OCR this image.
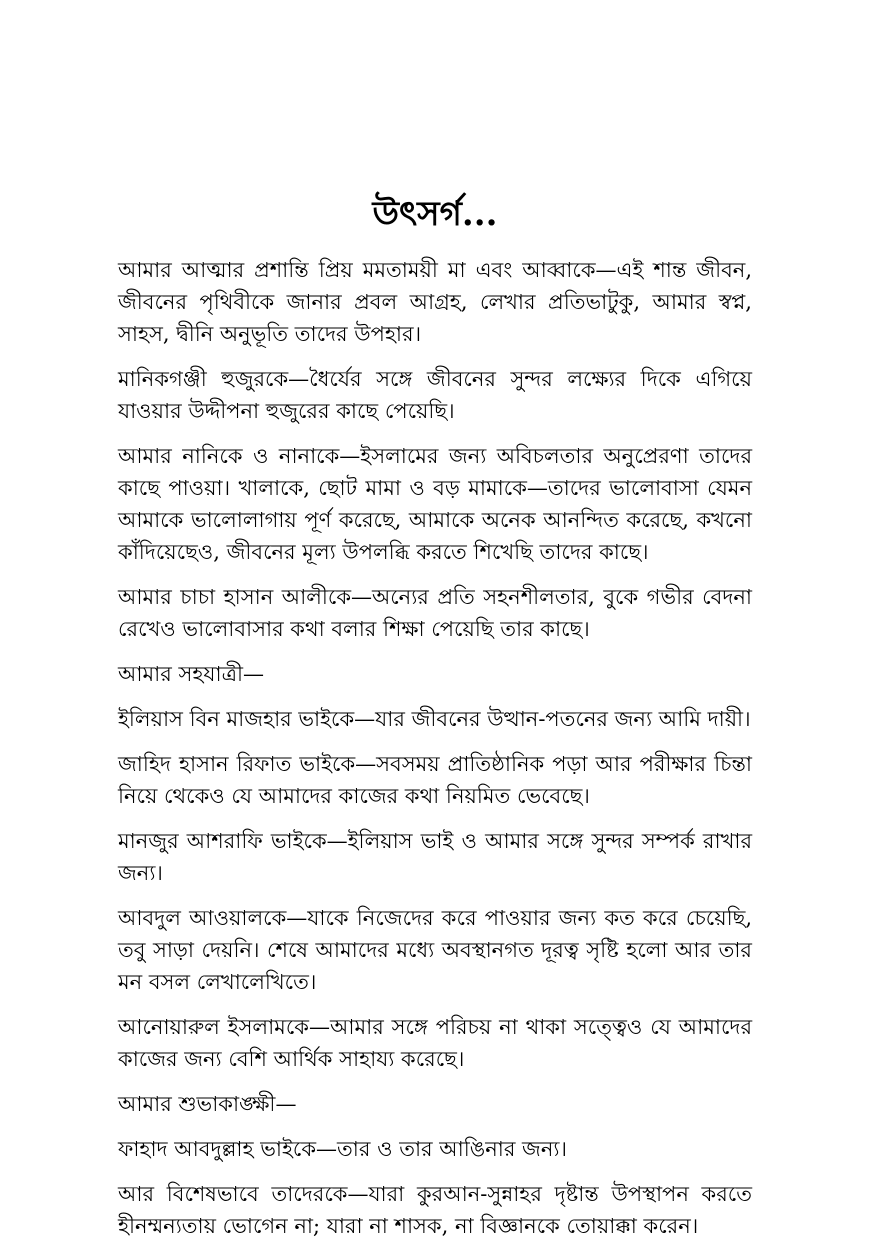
উৎসর্গ...

আমার আত্মার প্রশান্তি প্রিয় মমতাময়ী মা এবং আব্বাকে—এই শান্ত জীবন, জীবনের পৃথিবীকে জানার প্রবল আগ্রহ, লেখার প্রতিভাটুকু, আমার স্বপ্ন, সাহস, দ্বীনি অনুভূতি তাদের উপহার।

মানিকগঞ্জী হুজুরকে—ধৈর্যের সঙ্গে জীবনের সুন্দর লক্ষ্যের দিকে এগিয়ে যাওয়ার উদ্দীপনা হুজুরের কাছে পেয়েছি।

আমার নানিকে ও নানাকে—ইসলামের জন্য অবিচলতার অনুপ্রেরণা তাদের কাছে পাওয়া। খালাকে, ছোট মামা ও বড় মামাকে—তাদের ভালোবাসা যেমন আমাকে ভালোলাগায় পূর্ণ করেছে, আমাকে অনেক আনন্দিত করেছে, কখনো কাঁদিয়েছেও, জীবনের মূল্য উপলব্ধি করতে শিখেছি তাদের কাছে।

আমার চাচা হাসান আলীকে—অন্যের প্রতি সহনশীলতার, বুকে গভীর বেদনা রেখেও ভালোবাসার কথা বলার শিক্ষা পেয়েছি তার কাছে।

আমার সহযাত্রী—

ইলিয়াস বিন মাজহার ভাইকে—যার জীবনের উত্থান-পতনের জন্য আমি দায়ী।

জাহিদ হাসান রিফাত ভাইকে—সবসময় প্রাতিষ্ঠানিক পড়া আর পরীক্ষার চিন্তা নিয়ে থেকেও যে আমাদের কাজের কথা নিয়মিত ভেবেছে।

মানজুর আশরাফি ভাইকে—ইলিয়াস ভাই ও আমার সঙ্গে সুন্দর সম্পর্ক রাখার জন্য।

আবদুল আওয়ালকে—যাকে নিজেদের করে পাওয়ার জন্য কত করে চেয়েছি, তবু সাড়া দেয়নি। শেষে আমাদের মধ্যে অবস্থানগত দূরত্ব সৃষ্টি হলো আর তার মন বসল লেখালেখিতে।

আনোয়ারুল ইসলামকে—আমার সঙ্গে পরিচয় না থাকা সত্ত্বেও যে আমাদের কাজের জন্য বেশি আর্থিক সাহায্য করেছে।

আমার শুভাকাঙ্ক্ষী—

ফাহাদ আবদুল্লাহ ভাইকে—তার ও তার আঙিনার জন্য।

আর বিশেষভাবে তাদেরকে—যারা কুরআন-সুন্নাহর দৃষ্টান্ত উপস্থাপন করতে হীনম্মন্যতায় ভোগেন না; যারা না শাসক, না বিজ্ঞানকে তোয়াক্কা করেন।
